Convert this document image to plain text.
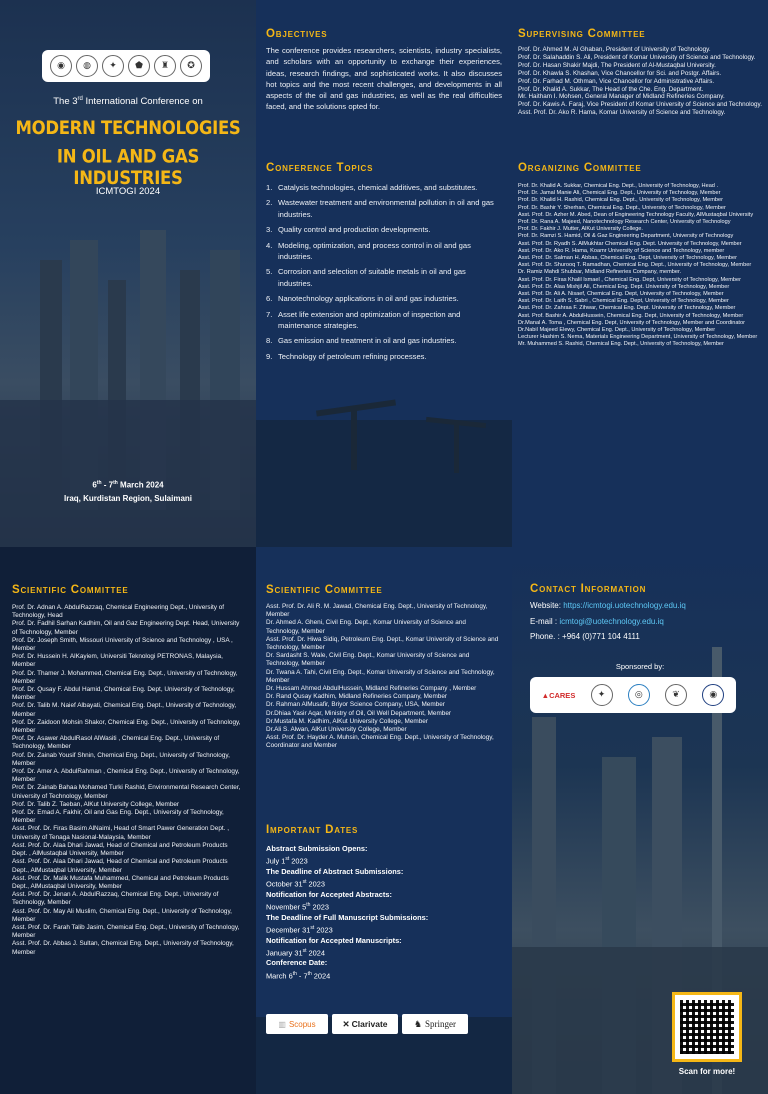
◉	◍	✦	⬟	♜	✪
The 3rd International Conference on
MODERN TECHNOLOGIES
IN OIL AND GAS INDUSTRIES
ICMTOGI 2024
6th - 7th March 2024
Iraq, Kurdistan Region, Sulaimani
Objectives
The conference provides researchers, scientists, industry specialists, and scholars with an opportunity to exchange their experiences, ideas, research findings, and sophisticated works. It also discusses hot topics and the most recent challenges, and developments in all aspects of the oil and gas industries, as well as the real difficulties faced, and the solutions opted for.
Conference Topics
1. Catalysis technologies, chemical additives, and substitutes.
2. Wastewater treatment and environmental pollution in oil and gas industries.
3. Quality control and production developments.
4. Modeling, optimization, and process control in oil and gas industries.
5. Corrosion and selection of suitable metals in oil and gas industries.
6. Nanotechnology applications in oil and gas industries.
7. Asset life extension and optimization of inspection and maintenance strategies.
8. Gas emission and treatment in oil and gas industries.
9. Technology of petroleum refining processes.
Supervising Committee
Prof. Dr. Ahmed M. Al Ghaban, President of University of Technology.
Prof. Dr. Salahaddin S. Ali, President of Komar University of Science and Technology.
Prof. Dr. Hasan Shakir Majdi, The President of Al-Mustaqbal University.
Prof. Dr. Khawla S. Khashan, Vice Chancellor for Sci. and Postgr. Affairs.
Prof. Dr. Farhad M. Othman, Vice Chancellor for Administrative Affairs.
Prof. Dr. Khalid A. Sukkar, The Head of the Che. Eng. Department.
Mr. Haitham I. Mohsen, General Manager of Midland Refineries Company.
Prof. Dr. Kawis A. Faraj, Vice President of Komar University of Science and Technology.
Asst. Prof. Dr. Ako R. Hama, Komar University of Science and Technology.
Organizing Committee
Prof. Dr. Khalid A. Sukkar, Chemical Eng. Dept., University of Technology, Head .
Prof. Dr. Jamal Manie Ali, Chemical Eng. Dept., University of Technology, Member
Prof. Dr. Khalid H. Rashid, Chemical Eng. Dept., University of Technology, Member
Prof. Dr. Bashir Y. Sherhan, Chemical Eng. Dept., University of Technology, Member
Asst. Prof. Dr. Azher M. Abed, Dean of Engineering Technology Faculty, AlMustaqbal University
Prof. Dr. Rana A. Majeed, Nanotechnology Research Center, University of Technology
Prof. Dr. Fakhir J. Mutter, AlKut University College.
Prof. Dr. Ramzi S. Hamid, Oil & Gaz Engineering Department, University of Technology
Asst. Prof. Dr. Ryadh S. AlMukhtar Chemical Eng. Dept. University of Technology, Member
Asst. Prof. Dr. Ako R. Hama, Koamr University of Science and Technology, member
Asst. Prof. Dr. Salman H. Abbas, Chemical Eng. Dept, University of Technology, Member
Asst. Prof. Dr. Shurooq T. Ramadhan, Chemical Eng. Dept., University of Technology, Member
Dr. Ramiz Mahdi Shubbar, Midland Refineries Company, member.
Asst. Prof. Dr. Firas Khalil Ismael , Chemical Eng. Dept, University of Technology, Member
Asst. Prof. Dr. Alaa Mishjil Ali, Chemical Eng. Dept. University of Technology, Member
Asst. Prof. Dr. Ali A. Nisaef, Chemical Eng. Dept, University of Technology, Member
Asst. Prof. Dr. Laith S. Sabri , Chemical Eng. Dept, University of Technology, Member
Asst. Prof. Dr. Zahraa F. Zihwar, Chemical Eng. Dept. University of Technology, Member
Asst. Prof. Bashir A. AbdulHussein, Chemical Eng. Dept, University of Technology, Member
Dr.Manal A. Toma , Chemical Eng. Dept, University of Technology, Member and Coordinator
Dr.Nabil Majeed Elewy, Chemical Eng. Dept., University of Technology, Member
Lecturer Hashim S. Nema, Materials Engineering Department, University of Technology, Member
Mr. Muhammed S. Rashid, Chemical Eng. Dept., University of Technology, Member
Scientific Committee
Prof. Dr. Adnan A. AbdulRazzaq, Chemical Engineering Dept., University of Technology, Head
Prof. Dr. Fadhil Sarhan Kadhim, Oil and Gaz Engineering Dept. Head, University of Technology, Member
Prof. Dr. Joseph Smith, Missouri University of Science and Technology , USA , Member
Prof. Dr. Hussein H. AlKayiem, Universiti Teknologi PETRONAS, Malaysia, Member
Prof. Dr. Thamer J. Mohammed, Chemical Eng. Dept., University of Technology, Member
Prof. Dr. Qusay F. Abdul Hamid, Chemical Eng. Dept, University of Technology, Member
Prof. Dr. Talib M. Naief Albayati, Chemical Eng. Dept., University of Technology, Member
Prof. Dr. Zaidoon Mohsin Shakor, Chemical Eng. Dept., University of Technology, Member
Prof. Dr. Asawer AbdulRasol AlWasiti , Chemical Eng. Dept., University of Technology, Member
Prof. Dr. Zainab Yousif Shnin, Chemical Eng. Dept., University of Technology, Member
Prof. Dr. Amer A. AbdulRahman , Chemical Eng. Dept., University of Technology, Member
Prof. Dr. Zainab Bahaa Mohamed Turki Rashid, Environmental Research Center, University of Technology, Member
Prof. Dr. Talib Z. Taeban, AlKut University College, Member
Prof. Dr. Emad A. Fakhir, Oil and Gas Eng. Dept., University of Technology, Member
Asst. Prof. Dr. Firas Basim AlNaimi, Head of Smart Pawer Generation Dept. , University of Tenaga Nasional-Malaysia, Member
Asst. Prof. Dr. Alaa Dhari Jawad, Head of Chemical and Petroleum Products Dept. , AlMustaqbal University, Member
Asst. Prof. Dr. Alaa Dhari Jawad, Head of Chemical and Petroleum Products Dept., AlMustaqbal University, Member
Asst. Prof. Dr. Malik Mustafa Muhammed, Chemical and Petroleum Products Dept., AlMustaqbal University, Member
Asst. Prof. Dr. Jenan A. AbdulRazzaq, Chemical Eng. Dept., University of Technology, Member
Asst. Prof. Dr. May Ali Muslim, Chemical Eng. Dept., University of Technology, Member
Asst. Prof. Dr. Farah Talib Jasim, Chemical Eng. Dept., University of Technology, Member
Asst. Prof. Dr. Abbas J. Sultan, Chemical Eng. Dept., University of Technology, Member
Scientific Committee
Asst. Prof. Dr. Ali R. M. Jawad, Chemical Eng. Dept., University of Technology, Member
Dr. Ahmed A. Gheni, Civil Eng. Dept., Komar University of Science and Technology, Member
Asst. Prof. Dr. Hiwa Sidiq, Petroleum Eng. Dept., Komar University of Science and Technology, Member
Dr. Sardasht S. Wale, Civil Eng. Dept., Komar University of Science and Technology, Member
Dr. Twana A. Tahi, Civil Eng. Dept., Komar University of Science and Technology, Member
Dr. Hussam Ahmed AbdulHussein, Midland Refineries Company , Member
Dr. Rand Qusay Kadhim, Midland Refineries Company, Member
Dr. Rahman AlMusafir, Briyor Science Company, USA, Member
Dr.Dhiaa Yasir Aqar, Ministry of Oil, Oil Well Department, Member
Dr.Mustafa M. Kadhim, AlKut University College, Member
Dr.Ali S. Alwan, AlKut University College, Member
Asst. Prof. Dr. Hayder A. Muhsin, Chemical Eng. Dept., University of Technology, Coordinator and Member
Important Dates
Abstract Submission Opens:
July 1st 2023
The Deadline of Abstract Submissions:
October 31st 2023
Notification for Accepted Abstracts:
November 5th 2023
The Deadline of Full Manuscript Submissions:
December 31st 2023
Notification for Accepted Manuscripts:
January 31st 2024
Conference Date:
March 6th - 7th 2024
▥ Scopus	✕ Clarivate	♞ Springer
Contact Information
Website: https://icmtogi.uotechnology.edu.iq
E-mail : icmtogi@uotechnology.edu.iq
Phone. : +964 (0)771 104 4111
Sponsored by:
▲CARES	✦	◎	❦	◉
Scan for more!
